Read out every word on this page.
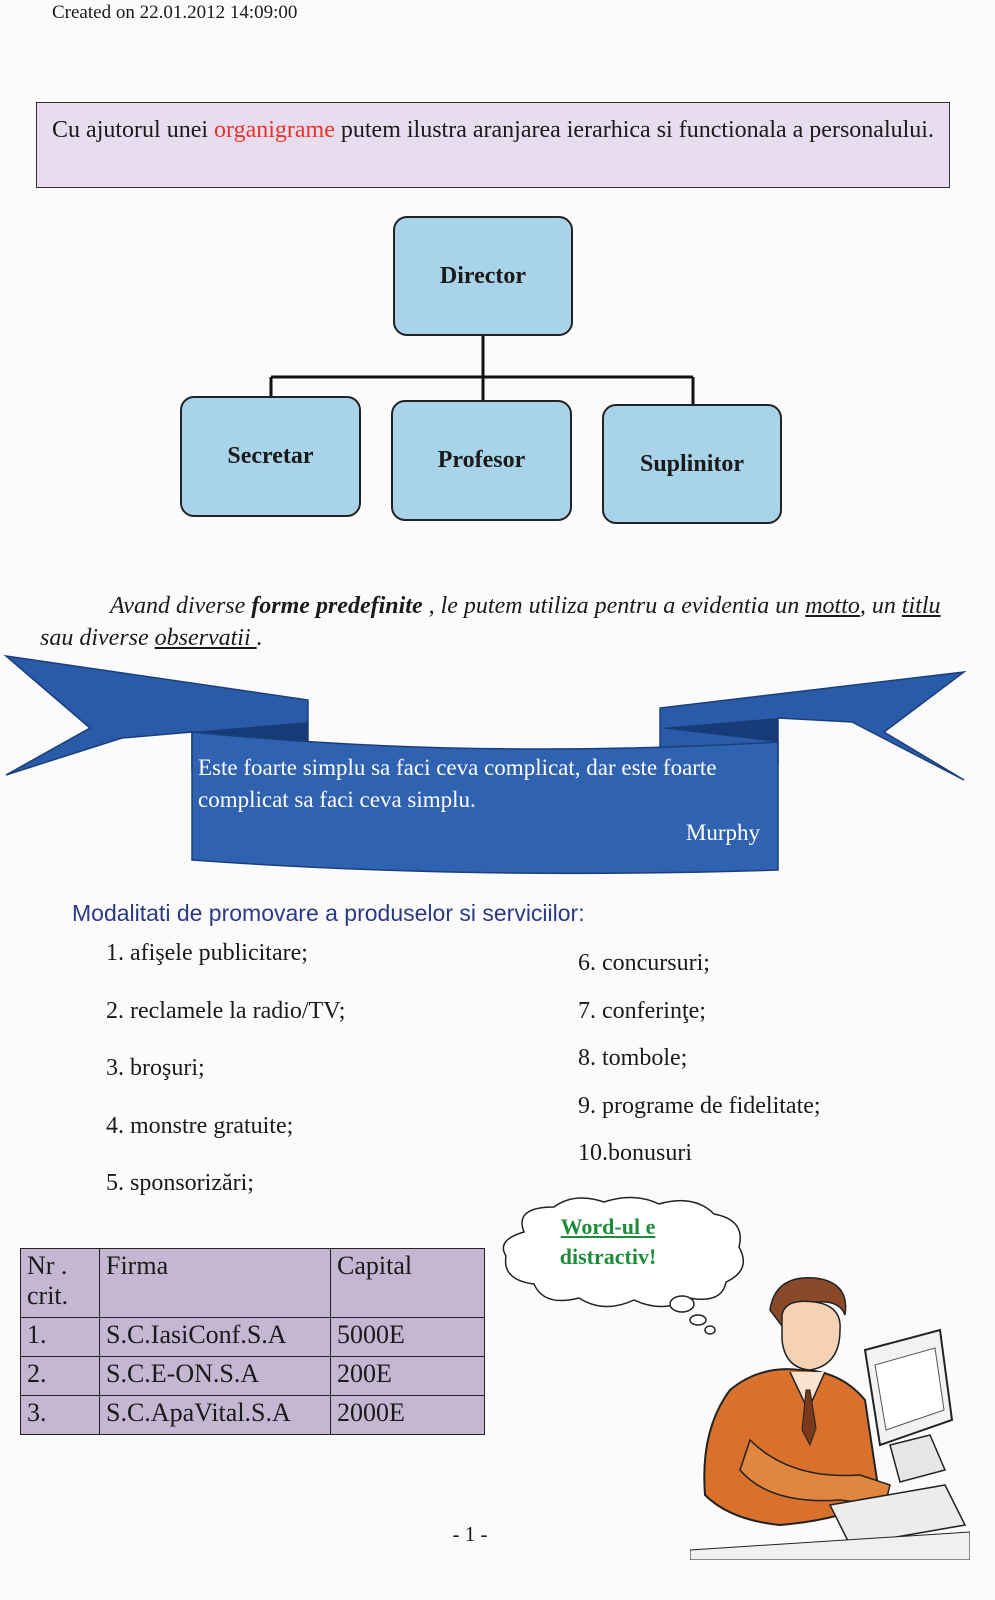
Created on 22.01.2012 14:09:00
Cu ajutorul unei organigrame putem ilustra aranjarea ierarhica si functionala a personalului.
Director
Secretar	Profesor	Suplinitor
Avand diverse forme predefinite , le putem utiliza pentru a evidentia un motto, un titlu sau diverse observatii .
Este foarte simplu sa faci ceva complicat, dar este foarte complicat sa faci ceva simplu.
Murphy
Modalitati de promovare a produselor si serviciilor:
1. afişele publicitare;
2. reclamele la radio/TV;
3. broşuri;
4. monstre gratuite;
5. sponsorizări;
6. concursuri;
7. conferinţe;
8. tombole;
9. programe de fidelitate;
10.bonusuri
Nr . crit.	Firma	Capital
1.	S.C.IasiConf.S.A	5000E
2.	S.C.E-ON.S.A	200E
3.	S.C.ApaVital.S.A	2000E
Word-ul e
distractiv!
- 1 -
